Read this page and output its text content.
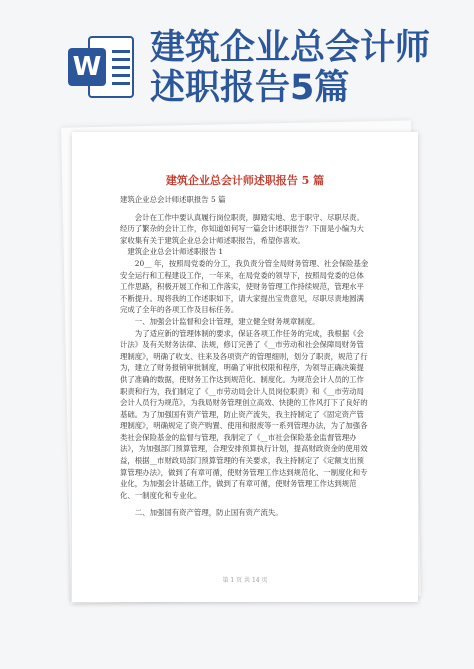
W 建筑企业总会计师
述职报告5篇
建筑企业总会计师述职报告 5 篇

建筑企业总会计师述职报告 5 篇

会计在工作中要认真履行岗位职责，脚踏实地、忠于职守、尽职尽责。经历了繁杂的会计工作，你知道如何写一篇会计述职报告？下面是小编为大家收集有关于建筑企业总会计师述职报告，希望你喜欢。

建筑企业总会计师述职报告 1

20__ 年，按照局党委的分工，我负责分管全局财务管理、社会保险基金安全运行和工程建设工作，一年来，在局党委的领导下，按照局党委的总体工作思路，积极开展工作和工作落实，使财务管理工作持续规范，管理水平不断提升。现将我的工作述职如下，请大家提出宝贵意见，尽职尽责地圆满完成了全年的各项工作及目标任务。

一、加强会计监督和会计管理，建立健全财务规章制度。

为了适应新的管理体制的要求，保证各项工作任务的完成，我根据《会计法》及有关财务法律、法规，修订完善了《__市劳动和社会保障局财务管理制度》，明确了收支、往来及各项资产的管理细则，划分了职责，规范了行为，建立了财务报销审批制度，明确了审批权限和程序，为领导正确决策提供了准确的数据，使财务工作达到规范化、制度化。为规范会计人员的工作职责和行为，我们制定了《__市劳动局会计人员岗位职责》和《__市劳动局会计人员行为规范》，为我局财务管理创立高效、快捷的工作风打下了良好的基础。为了加强国有资产管理，防止资产流失，我主持制定了《固定资产管理制度》，明确规定了资产购置、使用和报废等一系列管理办法，为了加强各类社会保险基金的监督与管理，我制定了《__市社会保险基金监督管理办法》，为加强部门预算管理，合理安排预算执行计划，提高财政资金的使用效益，根据__市财政局部门预算管理的有关要求，我主持制定了《定额支出预算管理办法》，做到了有章可循，使财务管理工作达到规范化、一制度化和专业化，为加强会计基础工作，做到了有章可循，使财务管理工作达到规范化、一制度化和专业化。

二、加强国有资产管理，防止国有资产流失。

第 1 页 共 14 页
